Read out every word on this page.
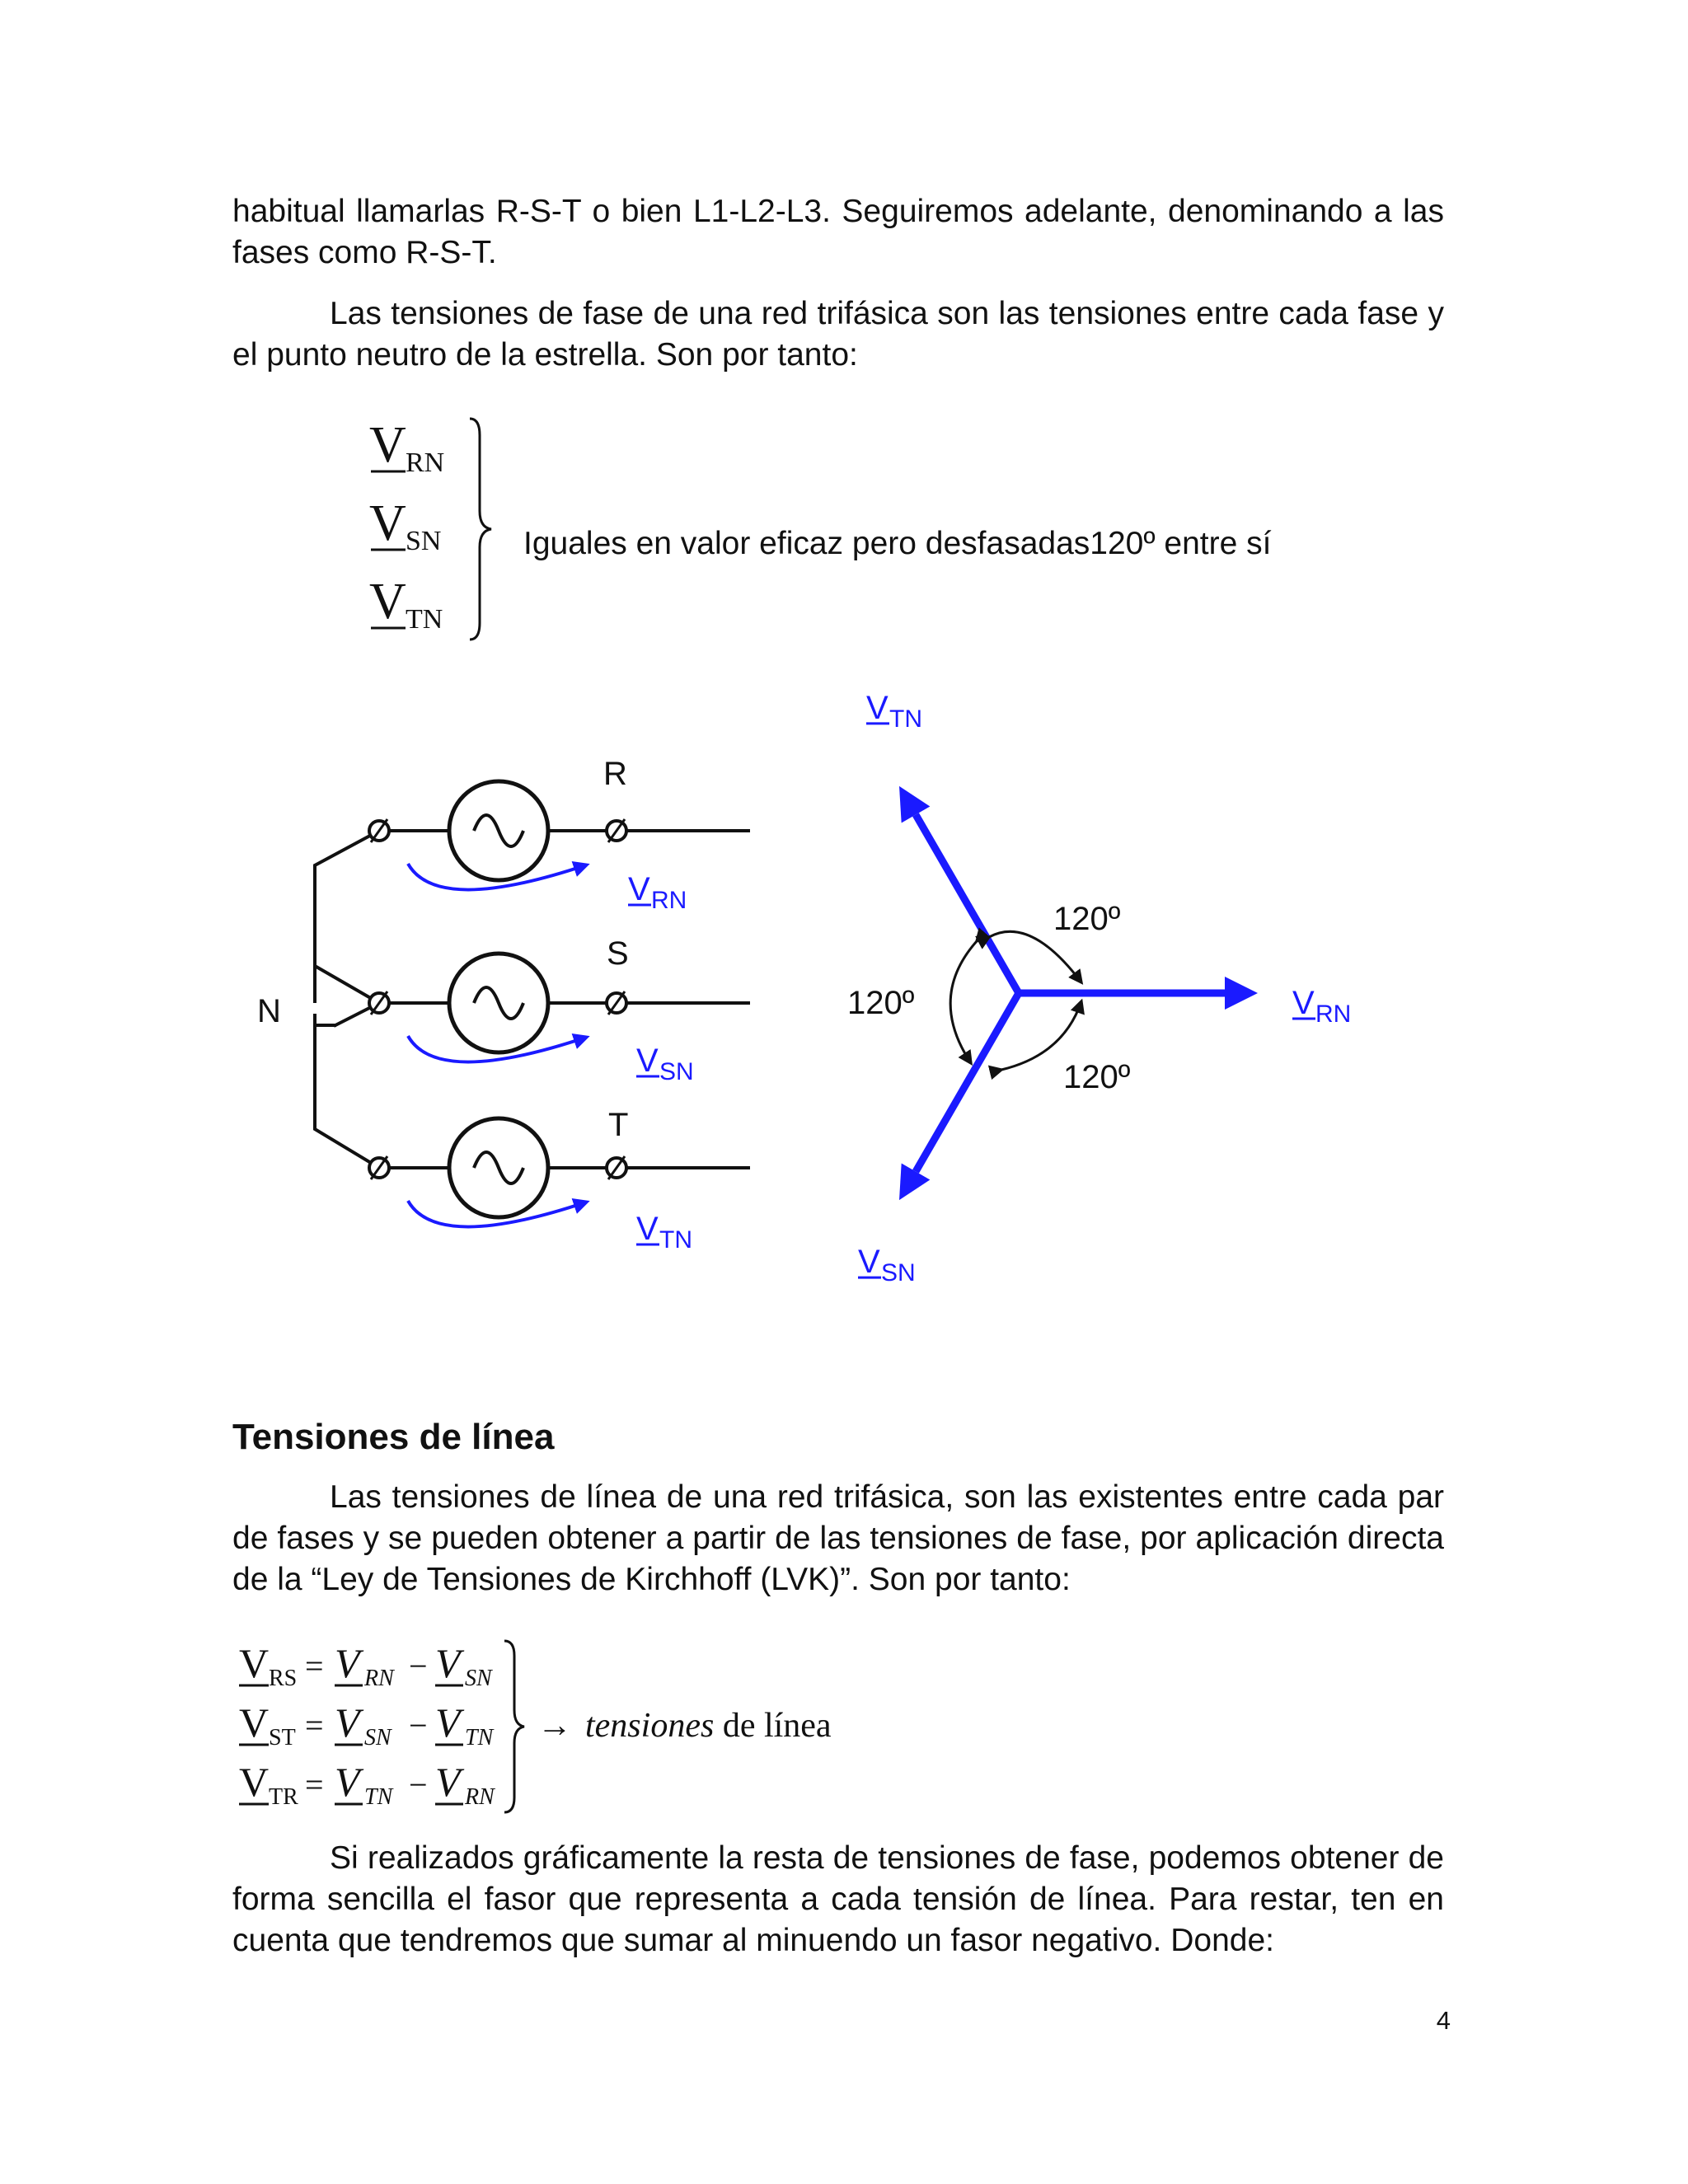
habitual llamarlas R-S-T o bien L1-L2-L3. Seguiremos adelante, denominando a las fases como R-S-T.

Las tensiones de fase de una red trifásica son las tensiones entre cada fase y el punto neutro de la estrella. Son por tanto:

V RN
V SN
V TN
Iguales en valor eficaz pero desfasadas120º entre sí
N
R
V RN
S
V SN
T
V TN
V RN
V TN
V SN
120º
120º
120º
Tensiones de línea

Las tensiones de línea de una red trifásica, son las existentes entre cada par de fases y se pueden obtener a partir de las tensiones de fase, por aplicación directa de la “Ley de Tensiones de Kirchhoff (LVK)”. Son por tanto:

V RS = V RN − V SN
V ST = V SN − V TN
V TR = V TN − V RN
→ tensiones de línea

Si realizados gráficamente la resta de tensiones de fase, podemos obtener de forma sencilla el fasor que representa a cada tensión de línea. Para restar, ten en cuenta que tendremos que sumar al minuendo un fasor negativo. Donde:

4
